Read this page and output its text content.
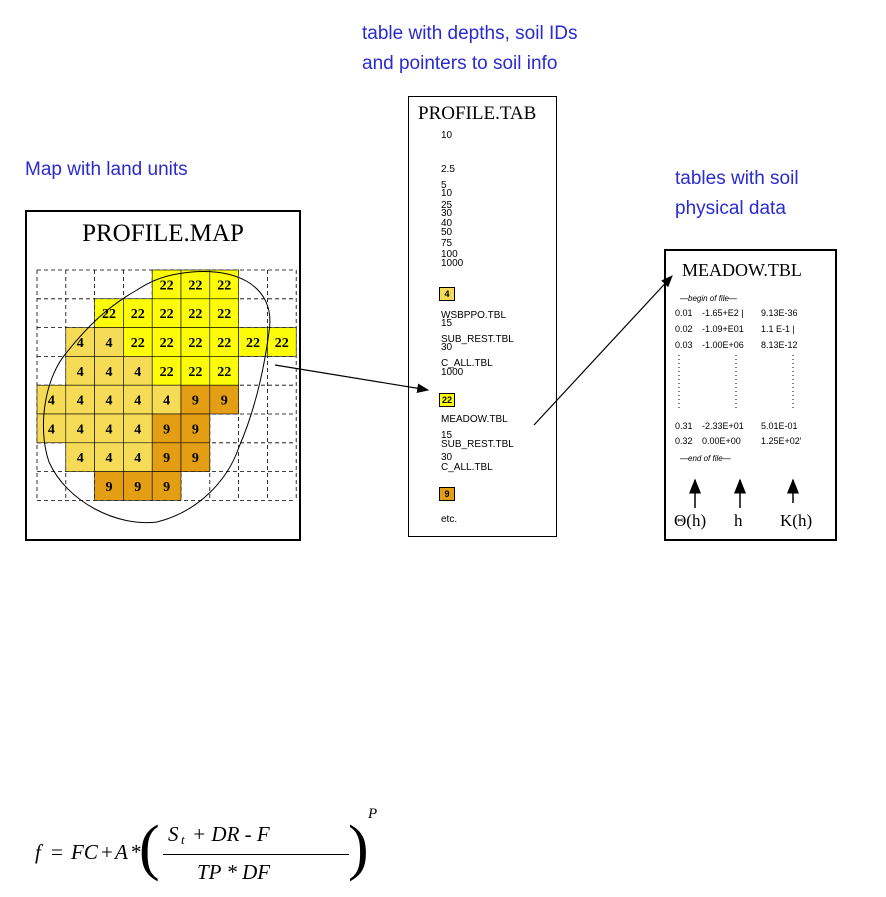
Map with land units
table with depths, soil IDs
and pointers to soil info
tables with soil
physical data
PROFILE.MAP
22 22 22
22 22 22 22 22
4 4 22 22 22 22 22 22
4 4 4 22 22 22
4 4 4 4 4 9 9
4 4 4 4 9 9
4 4 4 9 9
9 9 9
PROFILE.TAB
10
2.5
5
10
25
30
40
50
75
100
1000
4
WSBPPO.TBL
15
SUB_REST.TBL
30
C_ALL.TBL
1000
22
MEADOW.TBL
15
SUB_REST.TBL
30
C_ALL.TBL
9
etc.
MEADOW.TBL
—begin of file—
0.01 -1.65+E2 | 9.13E-36
0.02 -1.09+E01 1.1 E-1 |
0.03 -1.00E+06 8.13E-12
0.31 -2.33E+01 5.01E-01
0.32 0.00E+00 1.25E+02'
—end of file—
Θ(h) h K(h)
f = FC + A *
( S t + DR - F
TP * DF ) P
